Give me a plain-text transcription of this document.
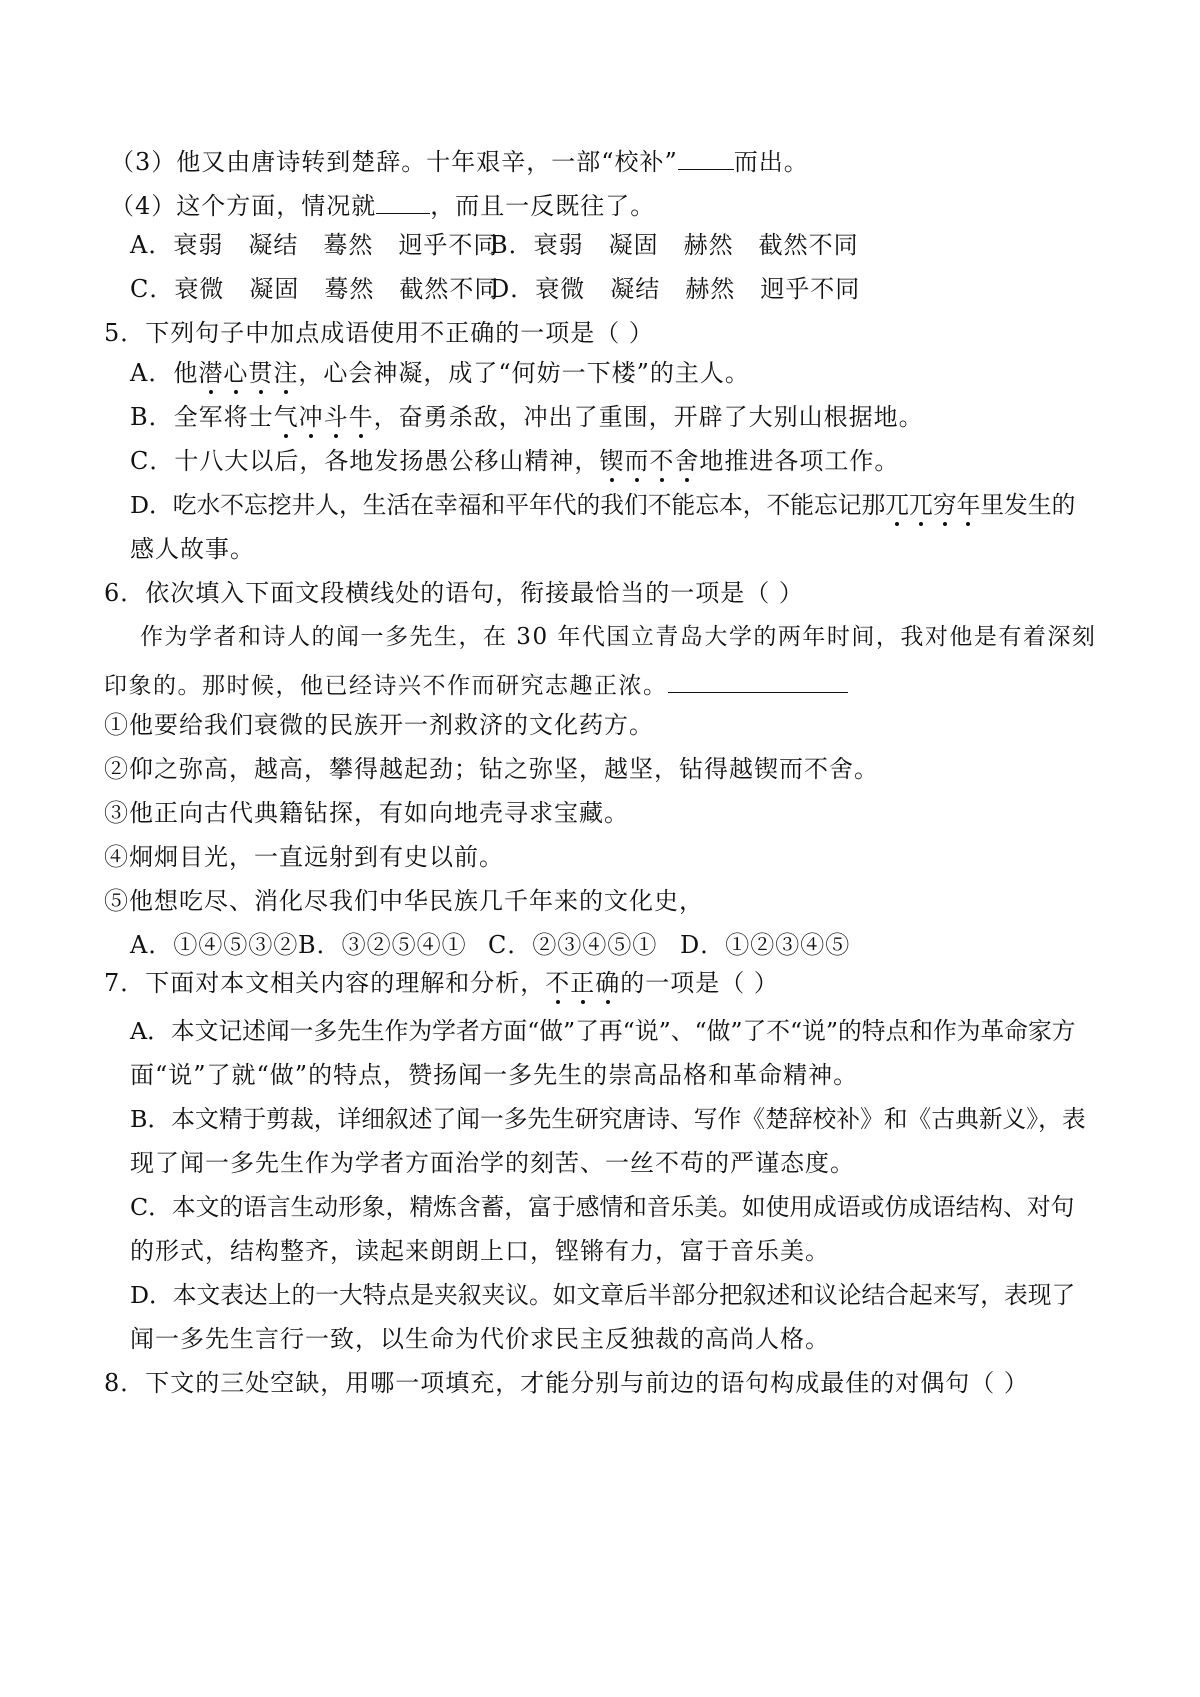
（3）他又由唐诗转到楚辞。十年艰辛，一部“校补” 而出。
（4）这个方面，情况就 ，而且一反既往了。
A．衰弱　凝结　蓦然　迥乎不同
B．衰弱　凝固　赫然　截然不同
C．衰微　凝固　蓦然　截然不同
D．衰微　凝结　赫然　迥乎不同
5．下列句子中加点成语使用不正确的一项是（ ）
A．他潜心贯注，心会神凝，成了“何妨一下楼”的主人。
B．全军将士气冲斗牛，奋勇杀敌，冲出了重围，开辟了大别山根据地。
C．十八大以后，各地发扬愚公移山精神，锲而不舍地推进各项工作。
D．吃水不忘挖井人，生活在幸福和平年代的我们不能忘本，不能忘记那兀兀穷年里发生的
感人故事。
6．依次填入下面文段横线处的语句，衔接最恰当的一项是（ ）
作为学者和诗人的闻一多先生，在 30 年代国立青岛大学的两年时间，我对他是有着深刻
印象的。那时候，他已经诗兴不作而研究志趣正浓。
①他要给我们衰微的民族开一剂救济的文化药方。
②仰之弥高，越高，攀得越起劲；钻之弥坚，越坚，钻得越锲而不舍。
③他正向古代典籍钻探，有如向地壳寻求宝藏。
④炯炯目光，一直远射到有史以前。
⑤他想吃尽、消化尽我们中华民族几千年来的文化史，
A．①④⑤③② B．③②⑤④① C．②③④⑤① D．①②③④⑤
7．下面对本文相关内容的理解和分析，不正确的一项是（ ）
A．本文记述闻一多先生作为学者方面“做”了再“说”、“做”了不“说”的特点和作为革命家方
面“说”了就“做”的特点，赞扬闻一多先生的崇高品格和革命精神。
B．本文精于剪裁，详细叙述了闻一多先生研究唐诗、写作《楚辞校补》和《古典新义》，表
现了闻一多先生作为学者方面治学的刻苦、一丝不苟的严谨态度。
C．本文的语言生动形象，精炼含蓄，富于感情和音乐美。如使用成语或仿成语结构、对句
的形式，结构整齐，读起来朗朗上口，铿锵有力，富于音乐美。
D．本文表达上的一大特点是夹叙夹议。如文章后半部分把叙述和议论结合起来写，表现了
闻一多先生言行一致，以生命为代价求民主反独裁的高尚人格。
8．下文的三处空缺，用哪一项填充，才能分别与前边的语句构成最佳的对偶句（ ）
